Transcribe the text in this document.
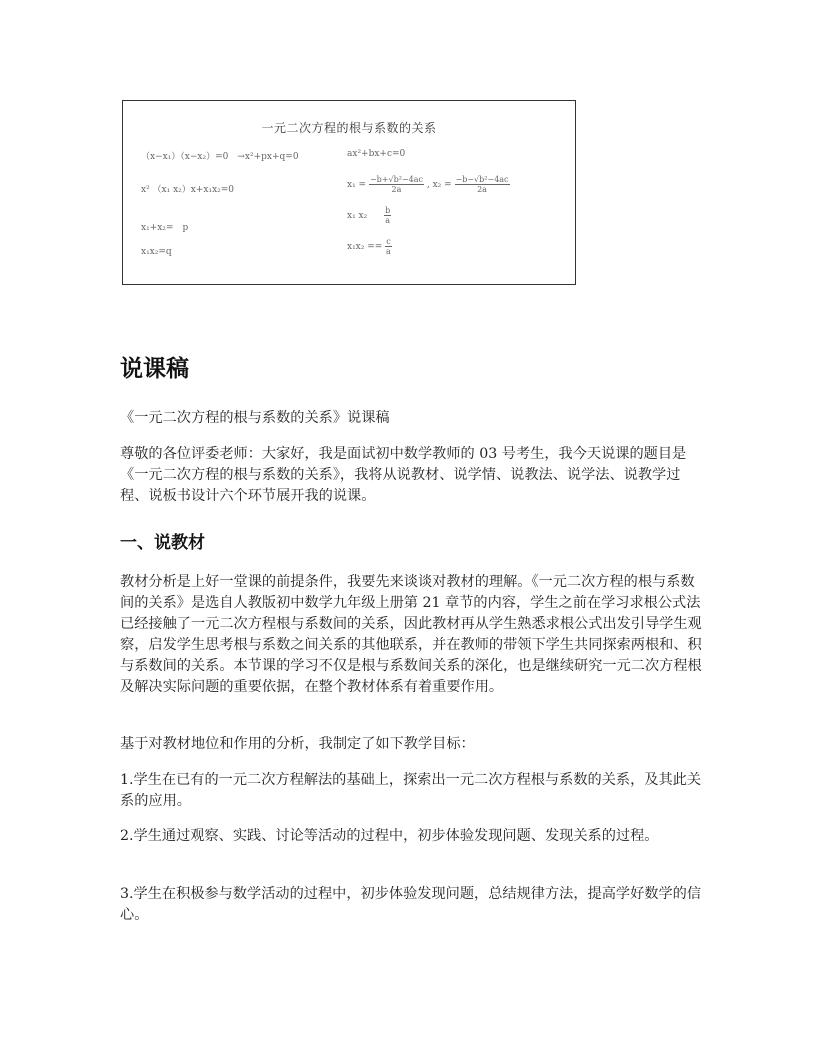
一元二次方程的根与系数的关系
（x−x₁）（x−x₂）=0　→x²+px+q=0
x² （x₁ x₂）x+x₁x₂=0
x₁+x₂=　p
x₁x₂=q
ax²+bx+c=0
$x_1 = \frac{\text{−b+√b²−4ac}}{2a}$ , $x_2 = \frac{\text{−b−√b²−4ac}}{2a}$
x₁ $x_2 \frac{b}{a}$
$x_1x_2 == \frac{c}{a}$
说课稿

《一元二次方程的根与系数的关系》说课稿

尊敬的各位评委老师：大家好，我是面试初中数学教师的 03 号考生，我今天说课的题目是《一元二次方程的根与系数的关系》，我将从说教材、说学情、说教法、说学法、说教学过程、说板书设计六个环节展开我的说课。

一、说教材

教材分析是上好一堂课的前提条件，我要先来谈谈对教材的理解。《一元二次方程的根与系数间的关系》是选自人教版初中数学九年级上册第 21 章节的内容，学生之前在学习求根公式法已经接触了一元二次方程根与系数间的关系，因此教材再从学生熟悉求根公式出发引导学生观察，启发学生思考根与系数之间关系的其他联系，并在教师的带领下学生共同探索两根和、积与系数间的关系。本节课的学习不仅是根与系数间关系的深化，也是继续研究一元二次方程根及解决实际问题的重要依据，在整个教材体系有着重要作用。

基于对教材地位和作用的分析，我制定了如下教学目标：

1.学生在已有的一元二次方程解法的基础上，探索出一元二次方程根与系数的关系，及其此关系的应用。

2.学生通过观察、实践、讨论等活动的过程中，初步体验发现问题、发现关系的过程。

3.学生在积极参与数学活动的过程中，初步体验发现问题，总结规律方法，提高学好数学的信心。
